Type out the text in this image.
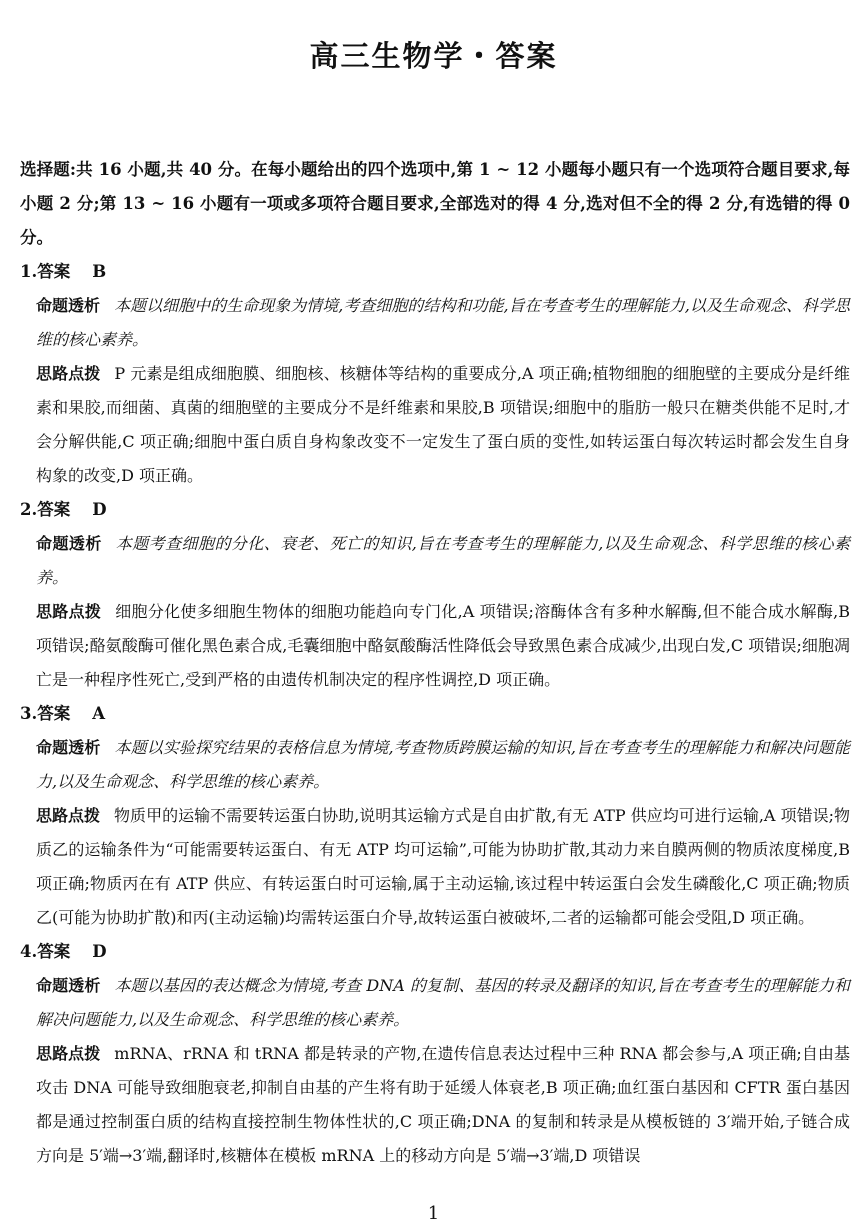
高三生物学・答案

选择题:共 16 小题,共 40 分。在每小题给出的四个选项中,第 1 ~ 12 小题每小题只有一个选项符合题目要求,每小题 2 分;第 13 ~ 16 小题有一项或多项符合题目要求,全部选对的得 4 分,选对但不全的得 2 分,有选错的得 0 分。

1.答案 B

命题透析 本题以细胞中的生命现象为情境,考查细胞的结构和功能,旨在考查考生的理解能力,以及生命观念、科学思维的核心素养。

思路点拨 P 元素是组成细胞膜、细胞核、核糖体等结构的重要成分,A 项正确;植物细胞的细胞壁的主要成分是纤维素和果胶,而细菌、真菌的细胞壁的主要成分不是纤维素和果胶,B 项错误;细胞中的脂肪一般只在糖类供能不足时,才会分解供能,C 项正确;细胞中蛋白质自身构象改变不一定发生了蛋白质的变性,如转运蛋白每次转运时都会发生自身构象的改变,D 项正确。

2.答案 D

命题透析 本题考查细胞的分化、衰老、死亡的知识,旨在考查考生的理解能力,以及生命观念、科学思维的核心素养。

思路点拨 细胞分化使多细胞生物体的细胞功能趋向专门化,A 项错误;溶酶体含有多种水解酶,但不能合成水解酶,B 项错误;酪氨酸酶可催化黑色素合成,毛囊细胞中酪氨酸酶活性降低会导致黑色素合成减少,出现白发,C 项错误;细胞凋亡是一种程序性死亡,受到严格的由遗传机制决定的程序性调控,D 项正确。

3.答案 A

命题透析 本题以实验探究结果的表格信息为情境,考查物质跨膜运输的知识,旨在考查考生的理解能力和解决问题能力,以及生命观念、科学思维的核心素养。

思路点拨 物质甲的运输不需要转运蛋白协助,说明其运输方式是自由扩散,有无 ATP 供应均可进行运输,A 项错误;物质乙的运输条件为“可能需要转运蛋白、有无 ATP 均可运输”,可能为协助扩散,其动力来自膜两侧的物质浓度梯度,B 项正确;物质丙在有 ATP 供应、有转运蛋白时可运输,属于主动运输,该过程中转运蛋白会发生磷酸化,C 项正确;物质乙(可能为协助扩散)和丙(主动运输)均需转运蛋白介导,故转运蛋白被破坏,二者的运输都可能会受阻,D 项正确。

4.答案 D

命题透析 本题以基因的表达概念为情境,考查 DNA 的复制、基因的转录及翻译的知识,旨在考查考生的理解能力和解决问题能力,以及生命观念、科学思维的核心素养。

思路点拨 mRNA、rRNA 和 tRNA 都是转录的产物,在遗传信息表达过程中三种 RNA 都会参与,A 项正确;自由基攻击 DNA 可能导致细胞衰老,抑制自由基的产生将有助于延缓人体衰老,B 项正确;血红蛋白基因和 CFTR 蛋白基因都是通过控制蛋白质的结构直接控制生物体性状的,C 项正确;DNA 的复制和转录是从模板链的 3′端开始,子链合成方向是 5′端→3′端,翻译时,核糖体在模板 mRNA 上的移动方向是 5′端→3′端,D 项错误

1
